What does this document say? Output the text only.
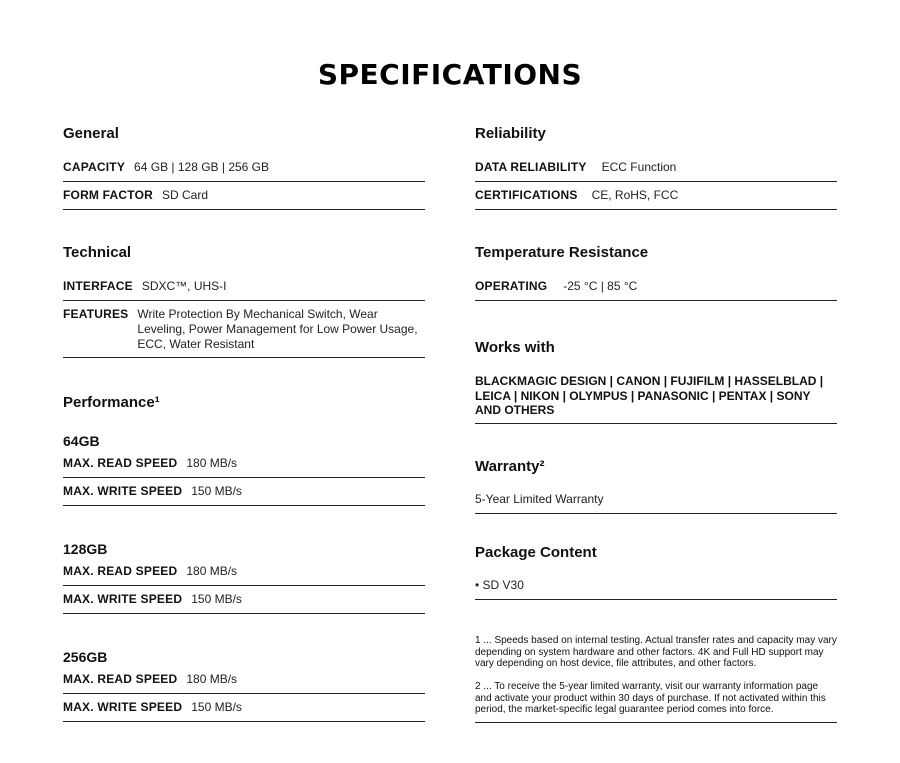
SPECIFICATIONS
General
CAPACITY 64 GB | 128 GB | 256 GB
FORM FACTOR SD Card
Technical
INTERFACE SDXC™, UHS-I
FEATURES Write Protection By Mechanical Switch, Wear Leveling, Power Management for Low Power Usage, ECC, Water Resistant
Performance¹
64GB
MAX. READ SPEED 180 MB/s
MAX. WRITE SPEED 150 MB/s
128GB
MAX. READ SPEED 180 MB/s
MAX. WRITE SPEED 150 MB/s
256GB
MAX. READ SPEED 180 MB/s
MAX. WRITE SPEED 150 MB/s
Reliability
DATA RELIABILITY ECC Function
CERTIFICATIONS CE, RoHS, FCC
Temperature Resistance
OPERATING -25 °C | 85 °C
Works with
BLACKMAGIC DESIGN | CANON | FUJIFILM | HASSELBLAD | LEICA | NIKON | OLYMPUS | PANASONIC | PENTAX | SONY AND OTHERS
Warranty²
5-Year Limited Warranty
Package Content
• SD V30
1 ... Speeds based on internal testing. Actual transfer rates and capacity may vary depending on system hardware and other factors. 4K and Full HD support may vary depending on host device, file attributes, and other factors.
2 ... To receive the 5-year limited warranty, visit our warranty information page and activate your product within 30 days of purchase. If not activated within this period, the market-specific legal guarantee period comes into force.
